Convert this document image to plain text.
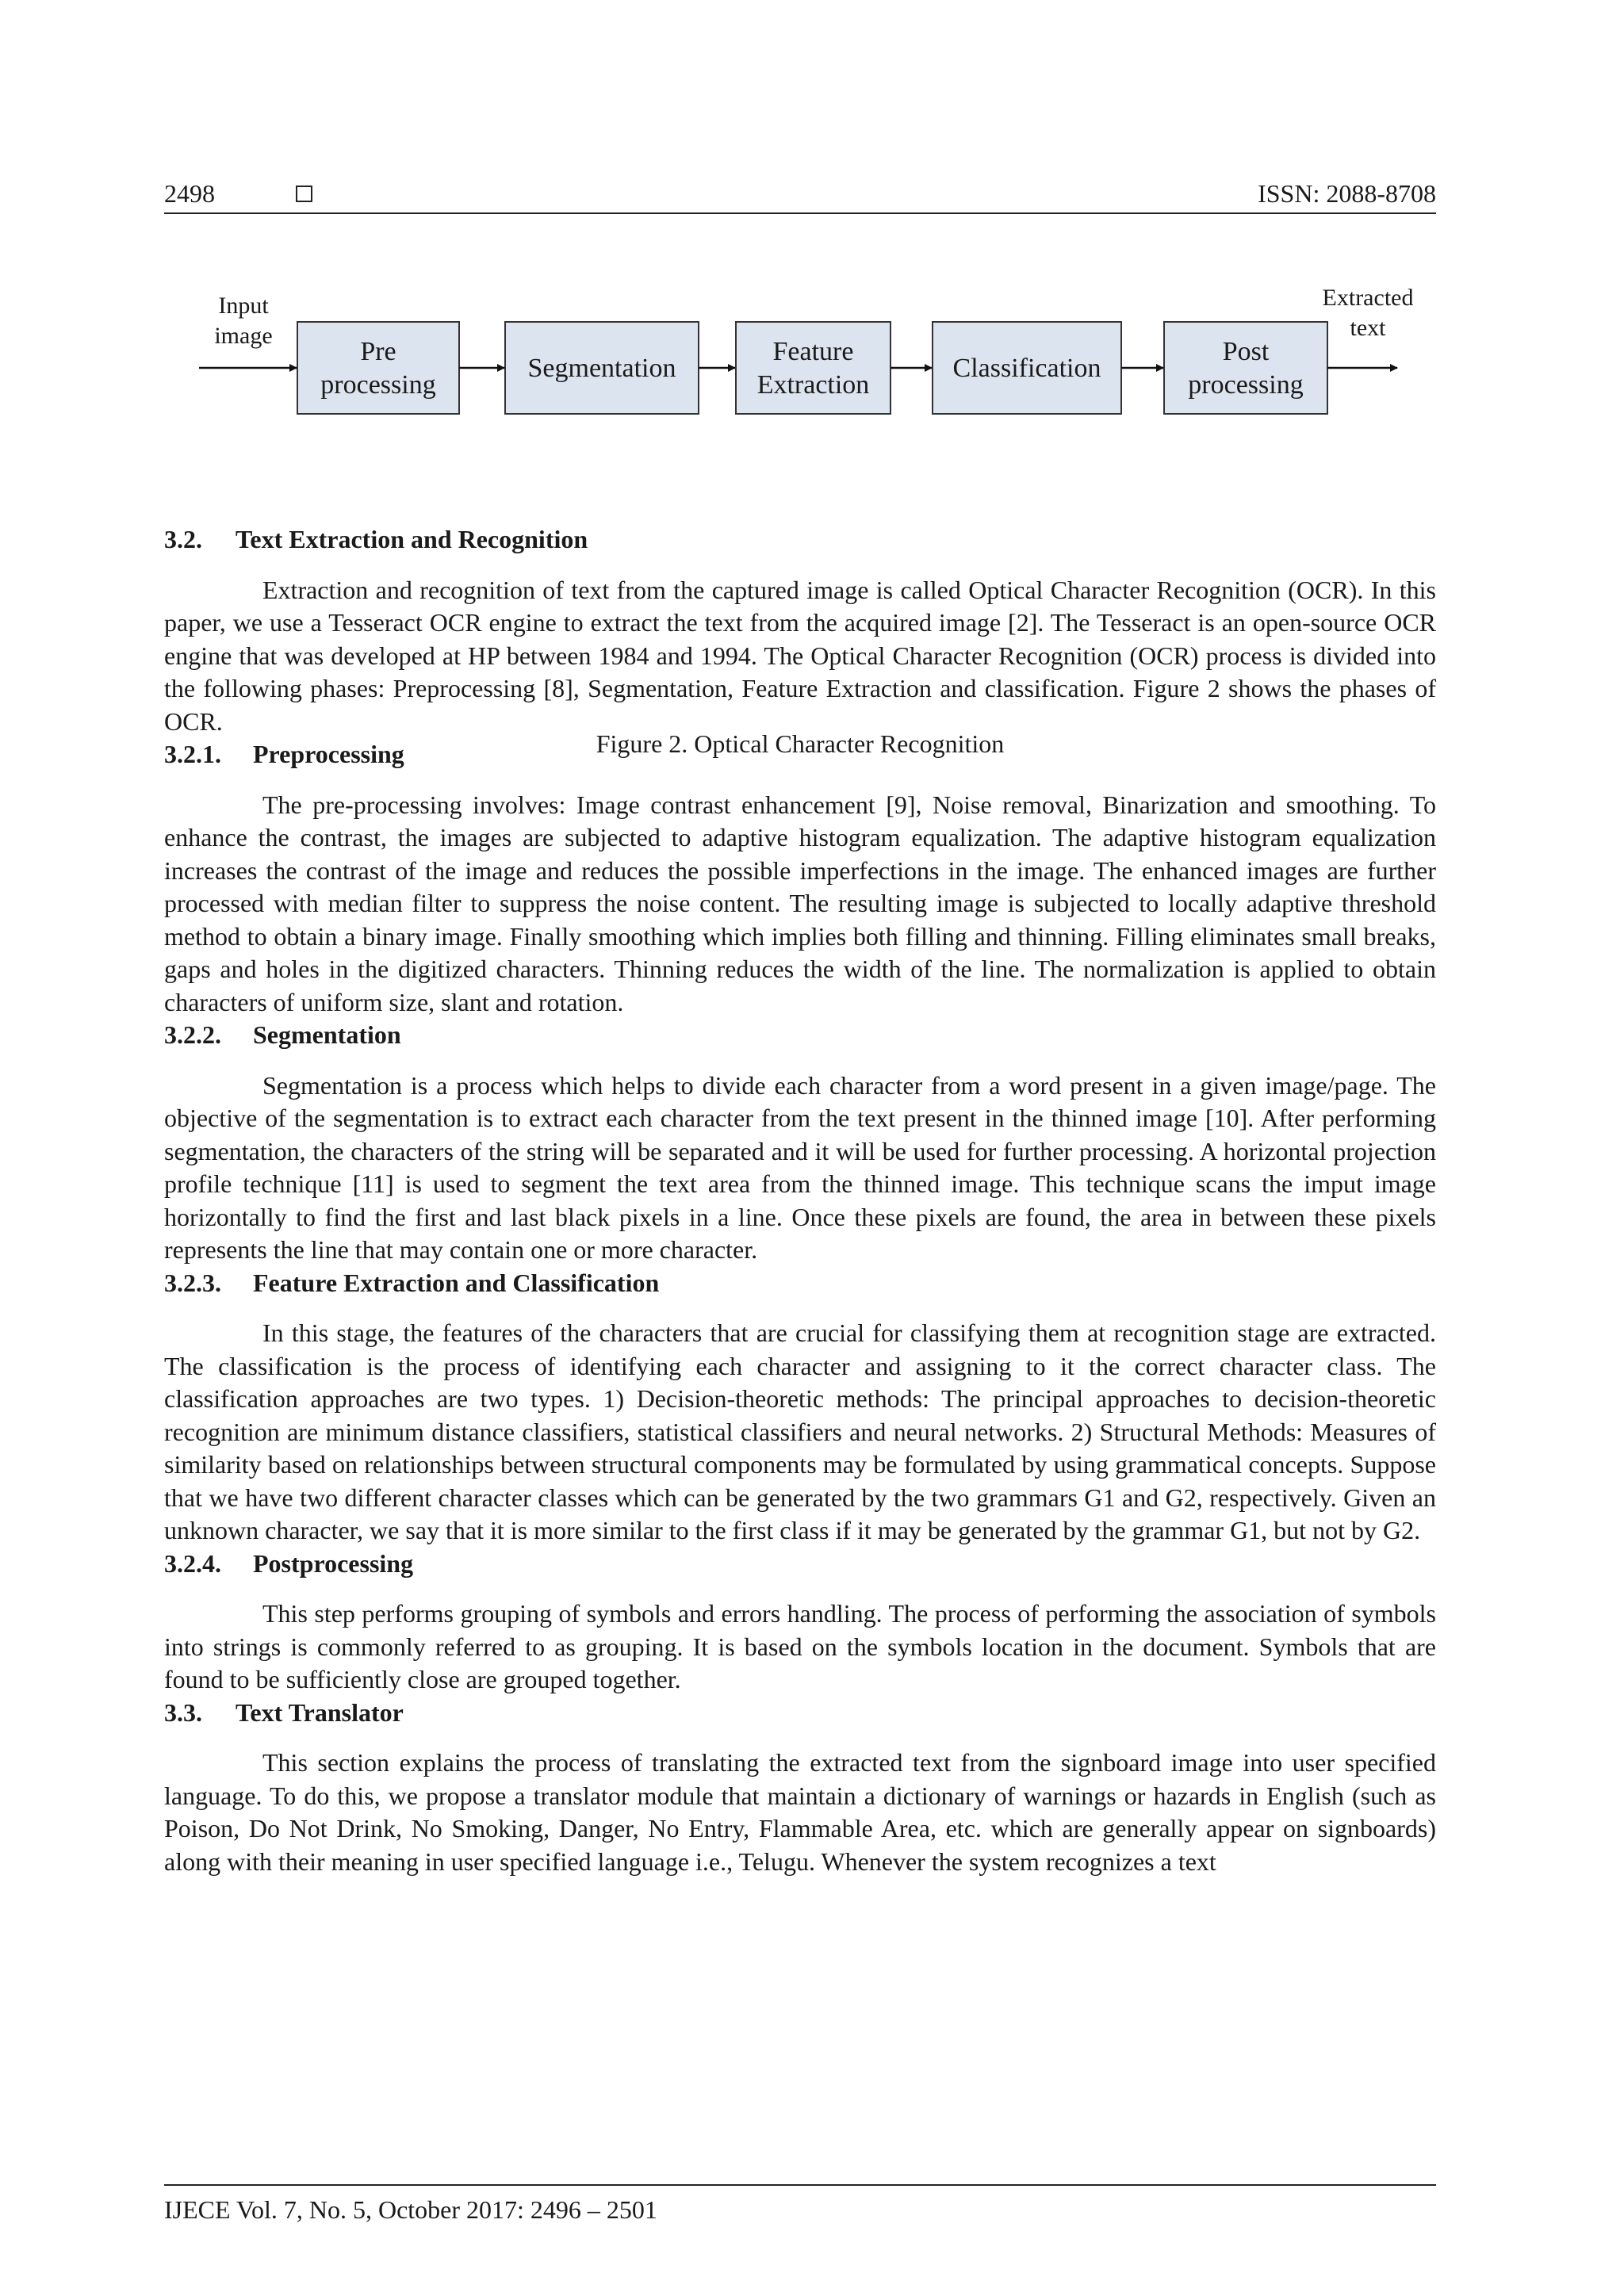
2498	ISSN: 2088-8708
Input
image
Extracted
text
Pre
processing
Segmentation
Feature
Extraction
Classification
Post
processing
Figure 2. Optical Character Recognition
3.2.	Text Extraction and Recognition

Extraction and recognition of text from the captured image is called Optical Character Recognition (OCR). In this paper, we use a Tesseract OCR engine to extract the text from the acquired image [2]. The Tesseract is an open-source OCR engine that was developed at HP between 1984 and 1994. The Optical Character Recognition (OCR) process is divided into the following phases: Preprocessing [8], Segmentation, Feature Extraction and classification. Figure 2 shows the phases of OCR.

3.2.1.	Preprocessing

The pre-processing involves: Image contrast enhancement [9], Noise removal, Binarization and smoothing. To enhance the contrast, the images are subjected to adaptive histogram equalization. The adaptive histogram equalization increases the contrast of the image and reduces the possible imperfections in the image. The enhanced images are further processed with median filter to suppress the noise content. The resulting image is subjected to locally adaptive threshold method to obtain a binary image. Finally smoothing which implies both filling and thinning. Filling eliminates small breaks, gaps and holes in the digitized characters. Thinning reduces the width of the line. The normalization is applied to obtain characters of uniform size, slant and rotation.

3.2.2.	Segmentation

Segmentation is a process which helps to divide each character from a word present in a given image/page. The objective of the segmentation is to extract each character from the text present in the thinned image [10]. After performing segmentation, the characters of the string will be separated and it will be used for further processing. A horizontal projection profile technique [11] is used to segment the text area from the thinned image. This technique scans the imput image horizontally to find the first and last black pixels in a line. Once these pixels are found, the area in between these pixels represents the line that may contain one or more character.

3.2.3.	Feature Extraction and Classification

In this stage, the features of the characters that are crucial for classifying them at recognition stage are extracted. The classification is the process of identifying each character and assigning to it the correct character class. The classification approaches are two types. 1) Decision-theoretic methods: The principal approaches to decision-theoretic recognition are minimum distance classifiers, statistical classifiers and neural networks. 2) Structural Methods: Measures of similarity based on relationships between structural components may be formulated by using grammatical concepts. Suppose that we have two different character classes which can be generated by the two grammars G1 and G2, respectively. Given an unknown character, we say that it is more similar to the first class if it may be generated by the grammar G1, but not by G2.

3.2.4.	Postprocessing

This step performs grouping of symbols and errors handling. The process of performing the association of symbols into strings is commonly referred to as grouping. It is based on the symbols location in the document. Symbols that are found to be sufficiently close are grouped together.

3.3.	Text Translator

This section explains the process of translating the extracted text from the signboard image into user specified language. To do this, we propose a translator module that maintain a dictionary of warnings or hazards in English (such as Poison, Do Not Drink, No Smoking, Danger, No Entry, Flammable Area, etc. which are generally appear on signboards) along with their meaning in user specified language i.e., Telugu. Whenever the system recognizes a text

IJECE Vol. 7, No. 5, October 2017: 2496 – 2501
